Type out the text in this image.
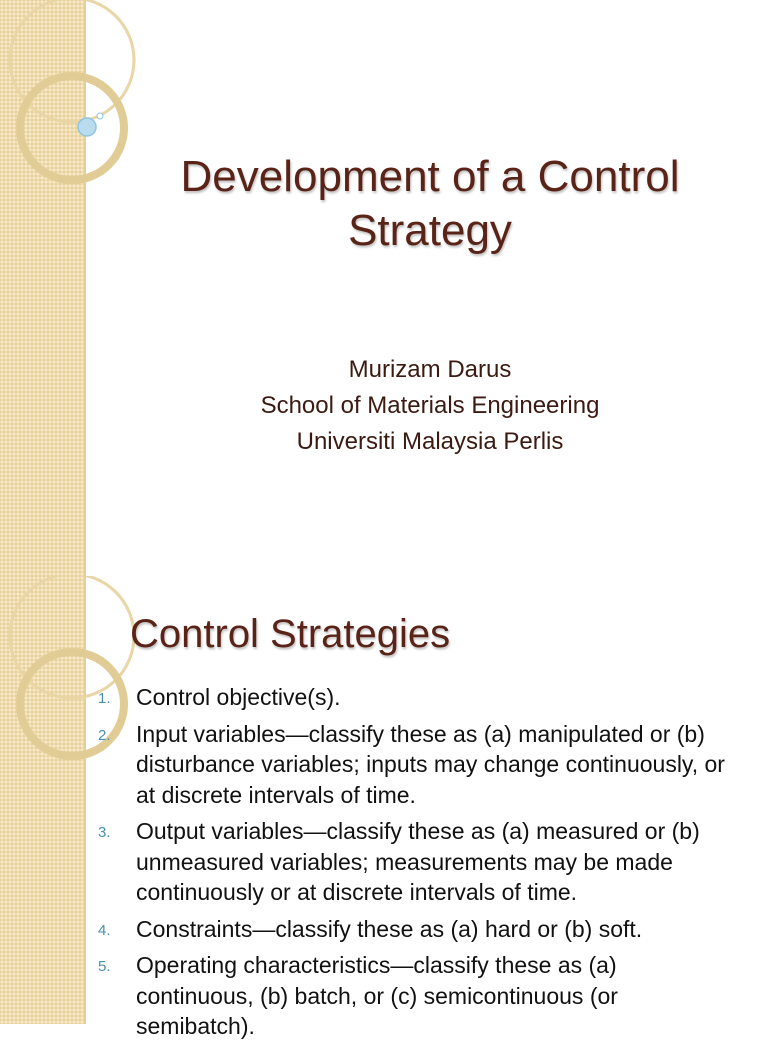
Development of a Control
Strategy
Murizam Darus
School of Materials Engineering
Universiti Malaysia Perlis
Control Strategies
1. Control objective(s).
2. Input variables—classify these as (a) manipulated or (b) disturbance variables; inputs may change continuously, or at discrete intervals of time.
3. Output variables—classify these as (a) measured or (b) unmeasured variables; measurements may be made continuously or at discrete intervals of time.
4. Constraints—classify these as (a) hard or (b) soft.
5. Operating characteristics—classify these as (a) continuous, (b) batch, or (c) semicontinuous (or semibatch).
